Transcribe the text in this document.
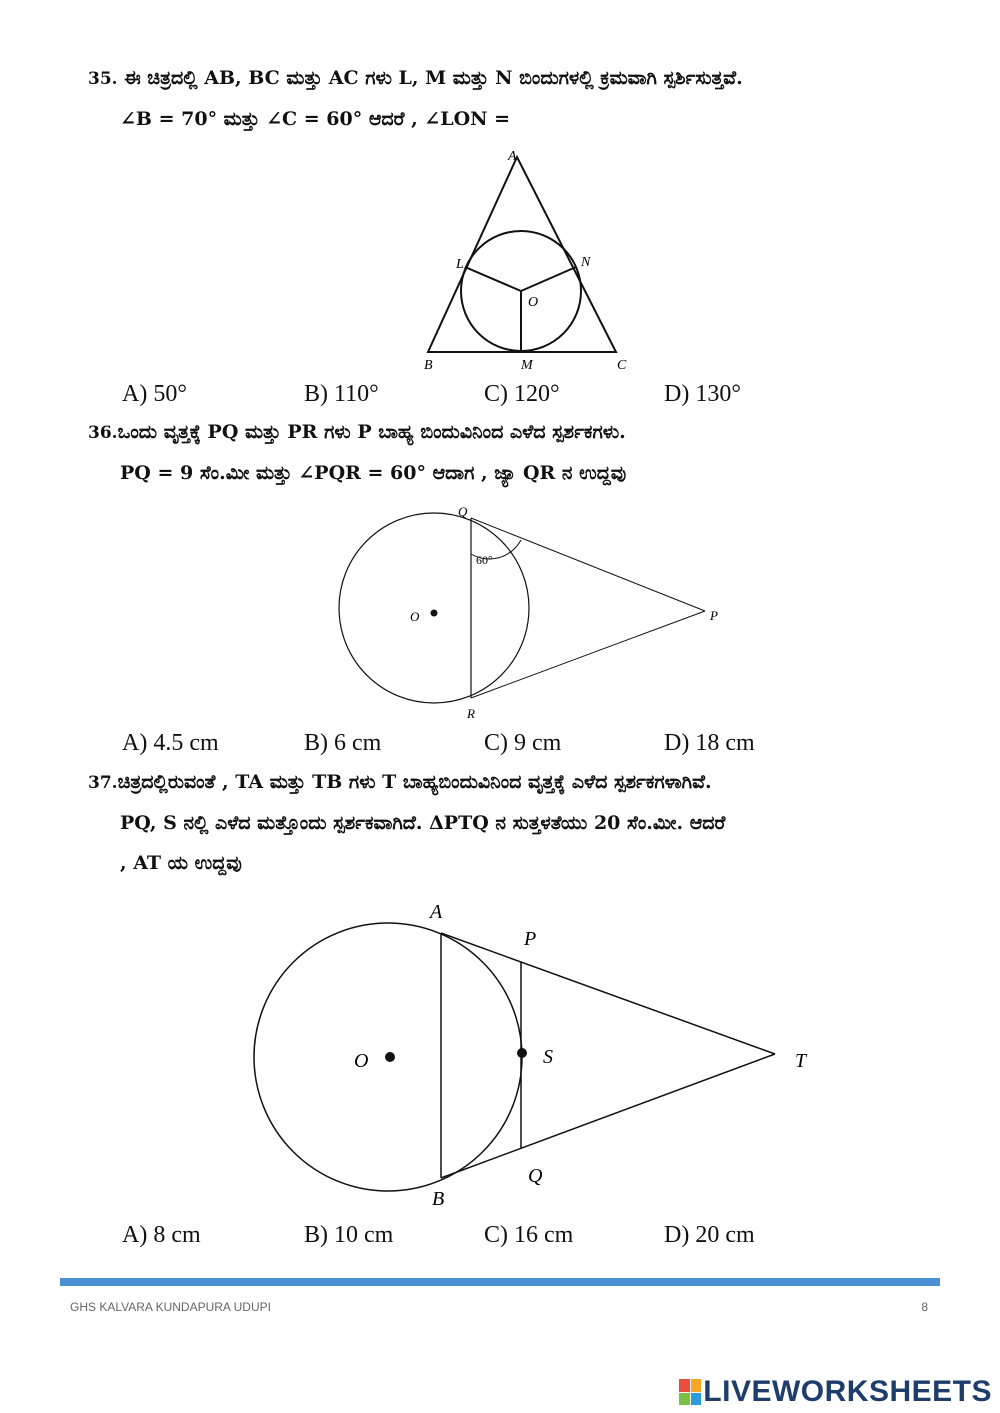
35. ಈ ಚಿತ್ರದಲ್ಲಿ AB, BC ಮತ್ತು AC ಗಳು L, M ಮತ್ತು N ಬಿಂದುಗಳಲ್ಲಿ ಕ್ರಮವಾಗಿ ಸ್ಪರ್ಶಿಸುತ್ತವೆ.
∠B = 70° ಮತ್ತು ∠C = 60° ಆದರೆ , ∠LON =
A
B	C
L	N
M
O
A) 50°	B) 110°	C) 120°	D) 130°
36.ಒಂದು ವೃತ್ತಕ್ಕೆ PQ ಮತ್ತು PR ಗಳು P ಬಾಹ್ಯ ಬಿಂದುವಿನಿಂದ ಎಳೆದ ಸ್ಪರ್ಶಕಗಳು.
PQ = 9 ಸೆಂ.ಮೀ ಮತ್ತು ∠PQR = 60° ಆದಾಗ , ಜ್ಯಾ QR ನ ಉದ್ದವು
Q
R
P
O
60°
A) 4.5 cm	B) 6 cm	C) 9 cm	D) 18 cm
37.ಚಿತ್ರದಲ್ಲಿರುವಂತೆ , TA ಮತ್ತು TB ಗಳು T ಬಾಹ್ಯಬಿಂದುವಿನಿಂದ ವೃತ್ತಕ್ಕೆ ಎಳೆದ ಸ್ಪರ್ಶಕಗಳಾಗಿವೆ.
PQ, S ನಲ್ಲಿ ಎಳೆದ ಮತ್ತೊಂದು ಸ್ಪರ್ಶಕವಾಗಿದೆ. ΔPTQ ನ ಸುತ್ತಳತೆಯು 20 ಸೆಂ.ಮೀ. ಆದರೆ
, AT ಯ ಉದ್ದವು
A
P
O	S	T
B
Q
A) 8 cm	B) 10 cm	C) 16 cm	D) 20 cm
GHS KALVARA KUNDAPURA UDUPI	8
LIVEWORKSHEETS
